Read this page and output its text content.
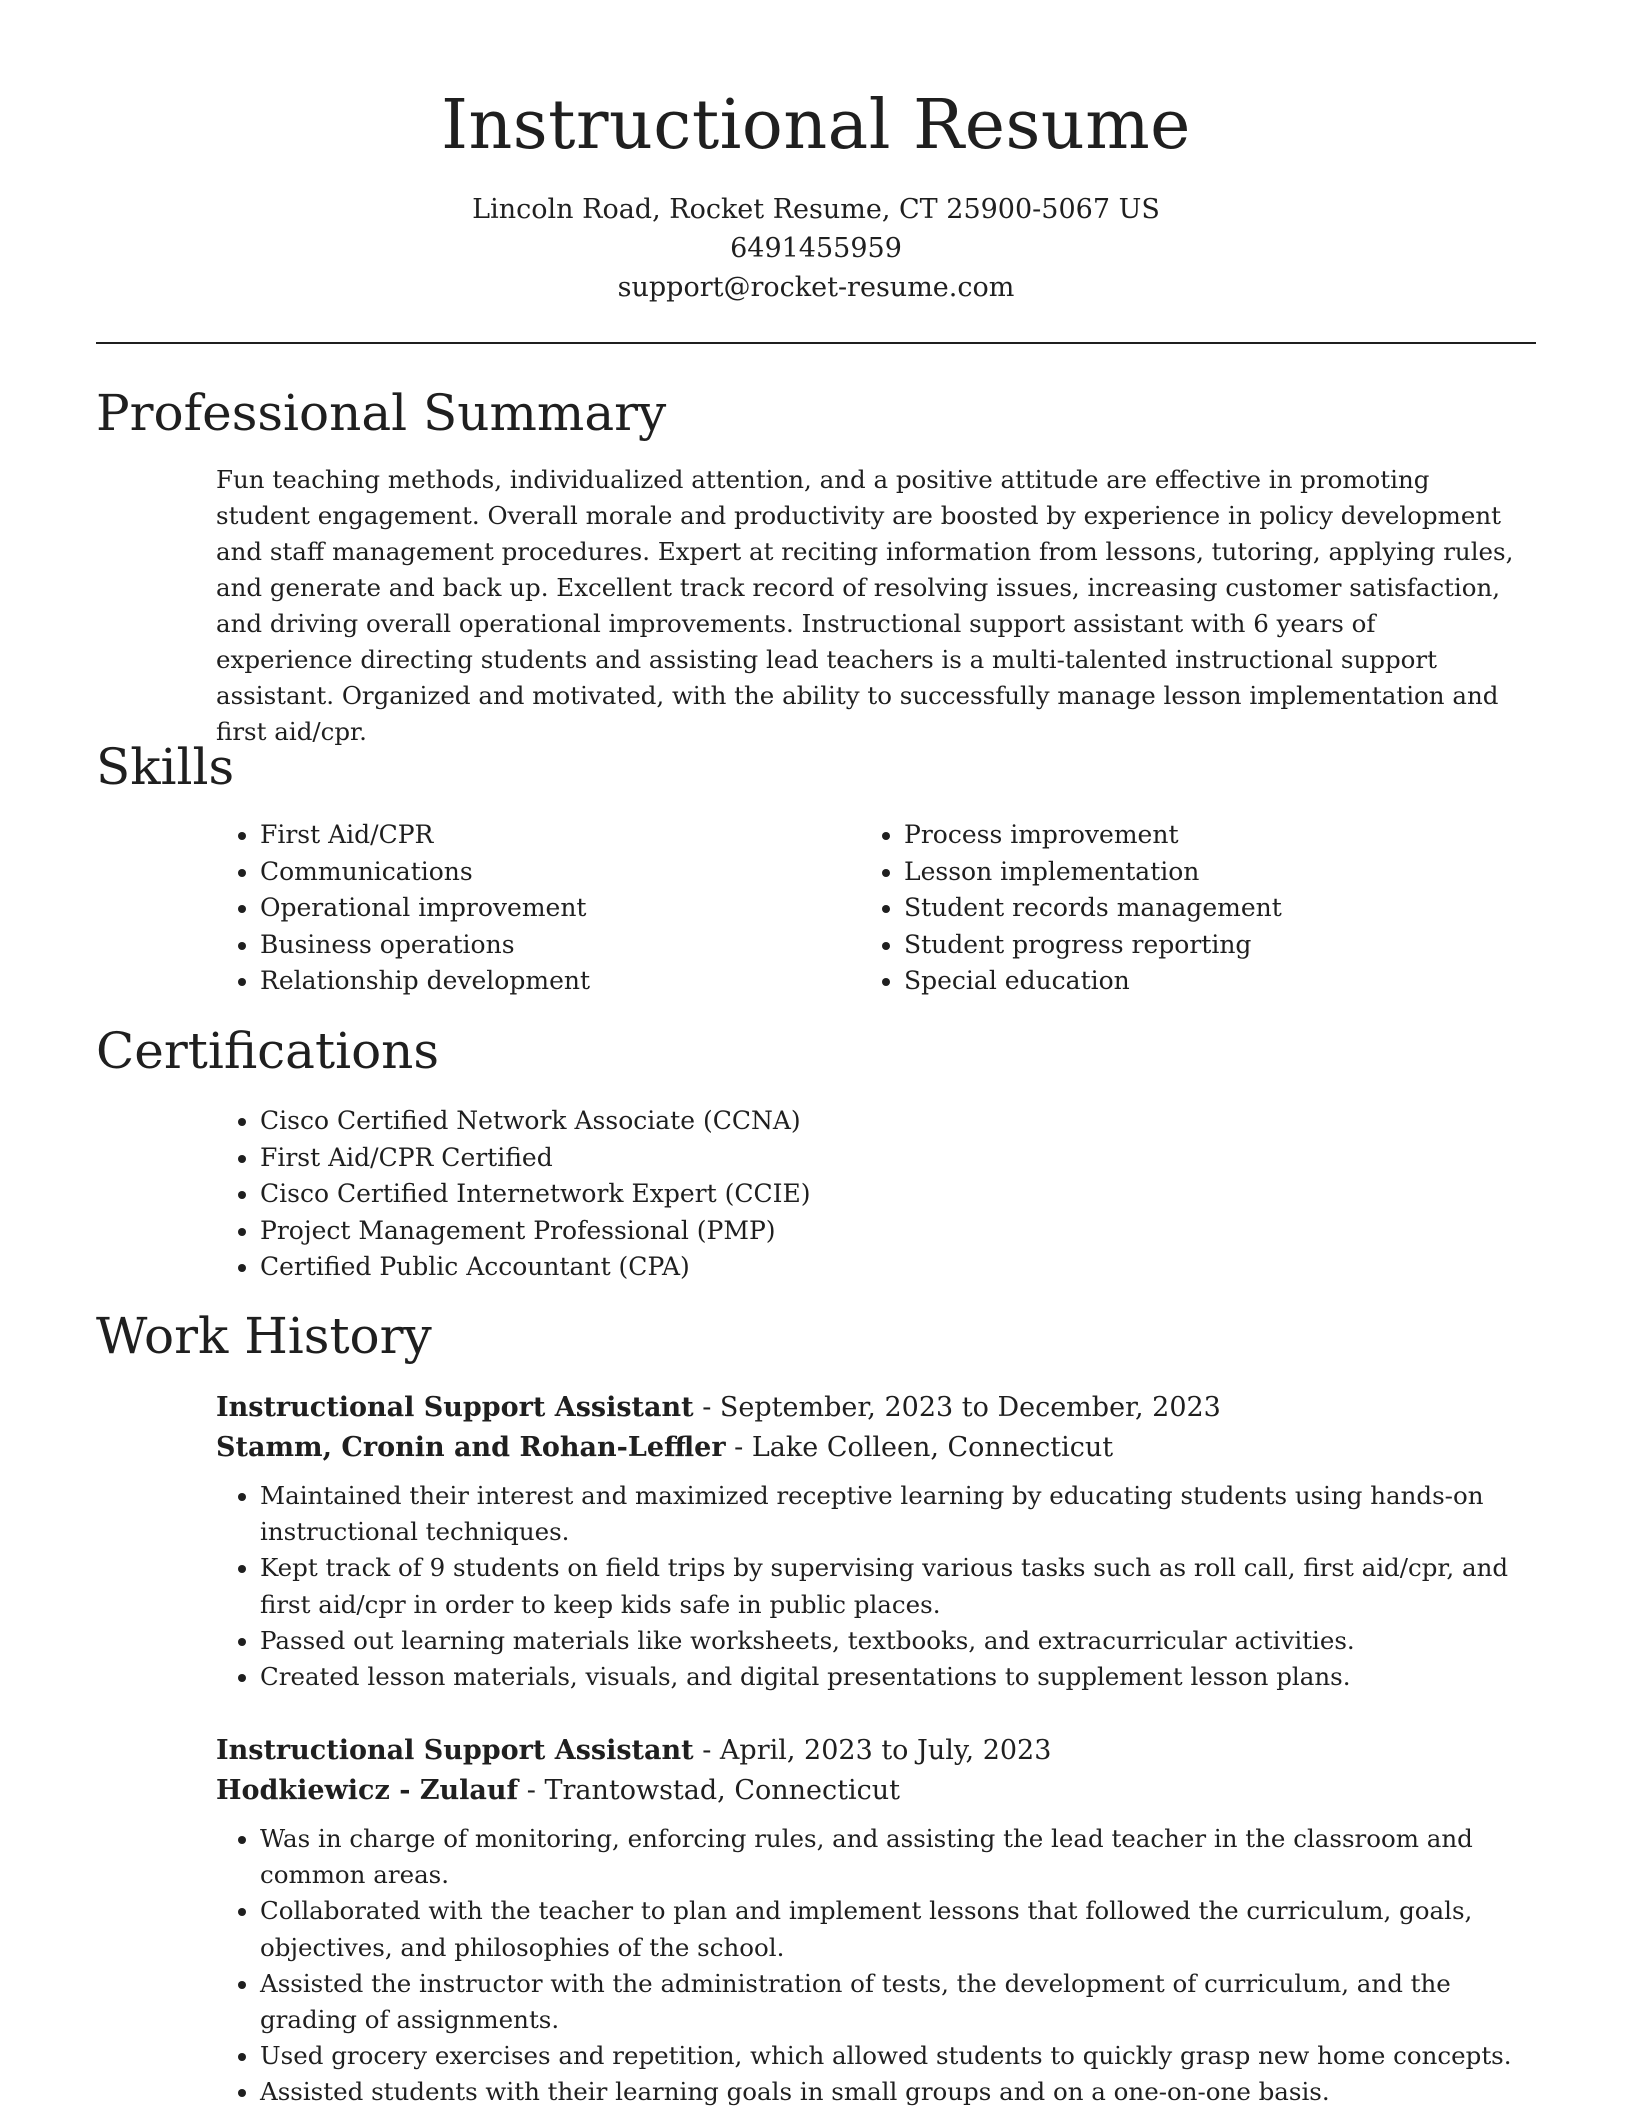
Instructional Resume
Lincoln Road, Rocket Resume, CT 25900-5067 US
6491455959
support@rocket-resume.com
Professional Summary

Fun teaching methods, individualized attention, and a positive attitude are effective in promoting student engagement. Overall morale and productivity are boosted by experience in policy development and staff management procedures. Expert at reciting information from lessons, tutoring, applying rules, and generate and back up. Excellent track record of resolving issues, increasing customer satisfaction, and driving overall operational improvements. Instructional support assistant with 6 years of experience directing students and assisting lead teachers is a multi-talented instructional support assistant. Organized and motivated, with the ability to successfully manage lesson implementation and first aid/cpr.

Skills
• First Aid/CPR
• Communications
• Operational improvement
• Business operations
• Relationship development
• Process improvement
• Lesson implementation
• Student records management
• Student progress reporting
• Special education
Certifications
• Cisco Certified Network Associate (CCNA)
• First Aid/CPR Certified
• Cisco Certified Internetwork Expert (CCIE)
• Project Management Professional (PMP)
• Certified Public Accountant (CPA)
Work History
Instructional Support Assistant - September, 2023 to December, 2023
Stamm, Cronin and Rohan-Leffler - Lake Colleen, Connecticut
• Maintained their interest and maximized receptive learning by educating students using hands-on instructional techniques.
• Kept track of 9 students on field trips by supervising various tasks such as roll call, first aid/cpr, and first aid/cpr in order to keep kids safe in public places.
• Passed out learning materials like worksheets, textbooks, and extracurricular activities.
• Created lesson materials, visuals, and digital presentations to supplement lesson plans.
Instructional Support Assistant - April, 2023 to July, 2023
Hodkiewicz - Zulauf - Trantowstad, Connecticut
• Was in charge of monitoring, enforcing rules, and assisting the lead teacher in the classroom and common areas.
• Collaborated with the teacher to plan and implement lessons that followed the curriculum, goals, objectives, and philosophies of the school.
• Assisted the instructor with the administration of tests, the development of curriculum, and the grading of assignments.
• Used grocery exercises and repetition, which allowed students to quickly grasp new home concepts.
• Assisted students with their learning goals in small groups and on a one-on-one basis.
